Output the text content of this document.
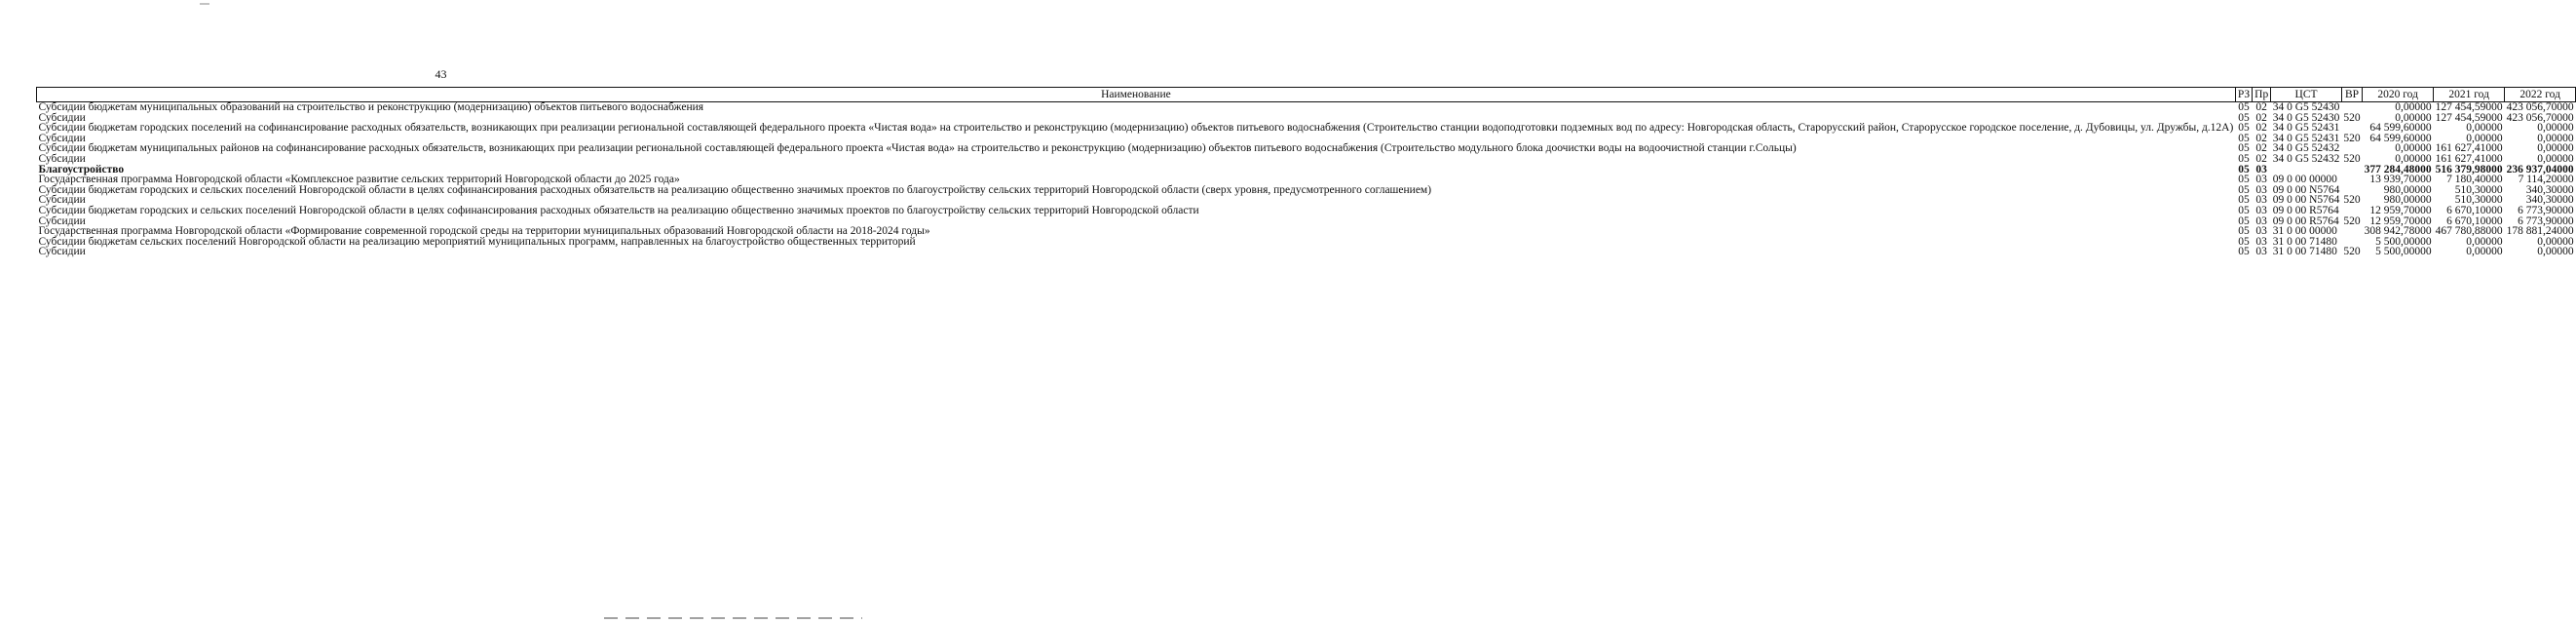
43
Наименование	РЗ	Пр	ЦСТ	ВР	2020 год	2021 год	2022 год
Субсидии бюджетам муниципальных образований на строительство и реконструкцию (модернизацию) объектов питьевого водоснабжения	05	02	34 0 G5 52430		0,00000	127 454,59000	423 056,70000
Субсидии	05	02	34 0 G5 52430	520	0,00000	127 454,59000	423 056,70000
Субсидии бюджетам городских поселений на софинансирование расходных обязательств, возникающих при реализации региональной составляющей федерального проекта «Чистая вода» на строительство и реконструкцию (модернизацию) объектов питьевого водоснабжения (Строительство станции водоподготовки подземных вод по адресу: Новгородская область, Старорусский район, Старорусское городское поселение, д. Дубовицы, ул. Дружбы, д.12А)	05	02	34 0 G5 52431		64 599,60000	0,00000	0,00000
Субсидии	05	02	34 0 G5 52431	520	64 599,60000	0,00000	0,00000
Субсидии бюджетам муниципальных районов на софинансирование расходных обязательств, возникающих при реализации региональной составляющей федерального проекта «Чистая вода» на строительство и реконструкцию (модернизацию) объектов питьевого водоснабжения (Строительство модульного блока доочистки воды на водоочистной станции г.Сольцы)	05	02	34 0 G5 52432		0,00000	161 627,41000	0,00000
Субсидии	05	02	34 0 G5 52432	520	0,00000	161 627,41000	0,00000
Благоустройство	05	03			377 284,48000	516 379,98000	236 937,04000
Государственная программа Новгородской области «Комплексное развитие сельских территорий Новгородской области до 2025 года»	05	03	09 0 00 00000		13 939,70000	7 180,40000	7 114,20000
Субсидии бюджетам городских и сельских поселений Новгородской области в целях софинансирования расходных обязательств на реализацию общественно значимых проектов по благоустройству сельских территорий Новгородской области (сверх уровня, предусмотренного соглашением)	05	03	09 0 00 N5764		980,00000	510,30000	340,30000
Субсидии	05	03	09 0 00 N5764	520	980,00000	510,30000	340,30000
Субсидии бюджетам городских и сельских поселений Новгородской области в целях софинансирования расходных обязательств на реализацию общественно значимых проектов по благоустройству сельских территорий Новгородской области	05	03	09 0 00 R5764		12 959,70000	6 670,10000	6 773,90000
Субсидии	05	03	09 0 00 R5764	520	12 959,70000	6 670,10000	6 773,90000
Государственная программа Новгородской области «Формирование современной городской среды на территории муниципальных образований Новгородской области на 2018-2024 годы»	05	03	31 0 00 00000		308 942,78000	467 780,88000	178 881,24000
Субсидии бюджетам сельских поселений Новгородской области на реализацию мероприятий муниципальных программ, направленных на благоустройство общественных территорий	05	03	31 0 00 71480		5 500,00000	0,00000	0,00000
Субсидии	05	03	31 0 00 71480	520	5 500,00000	0,00000	0,00000
